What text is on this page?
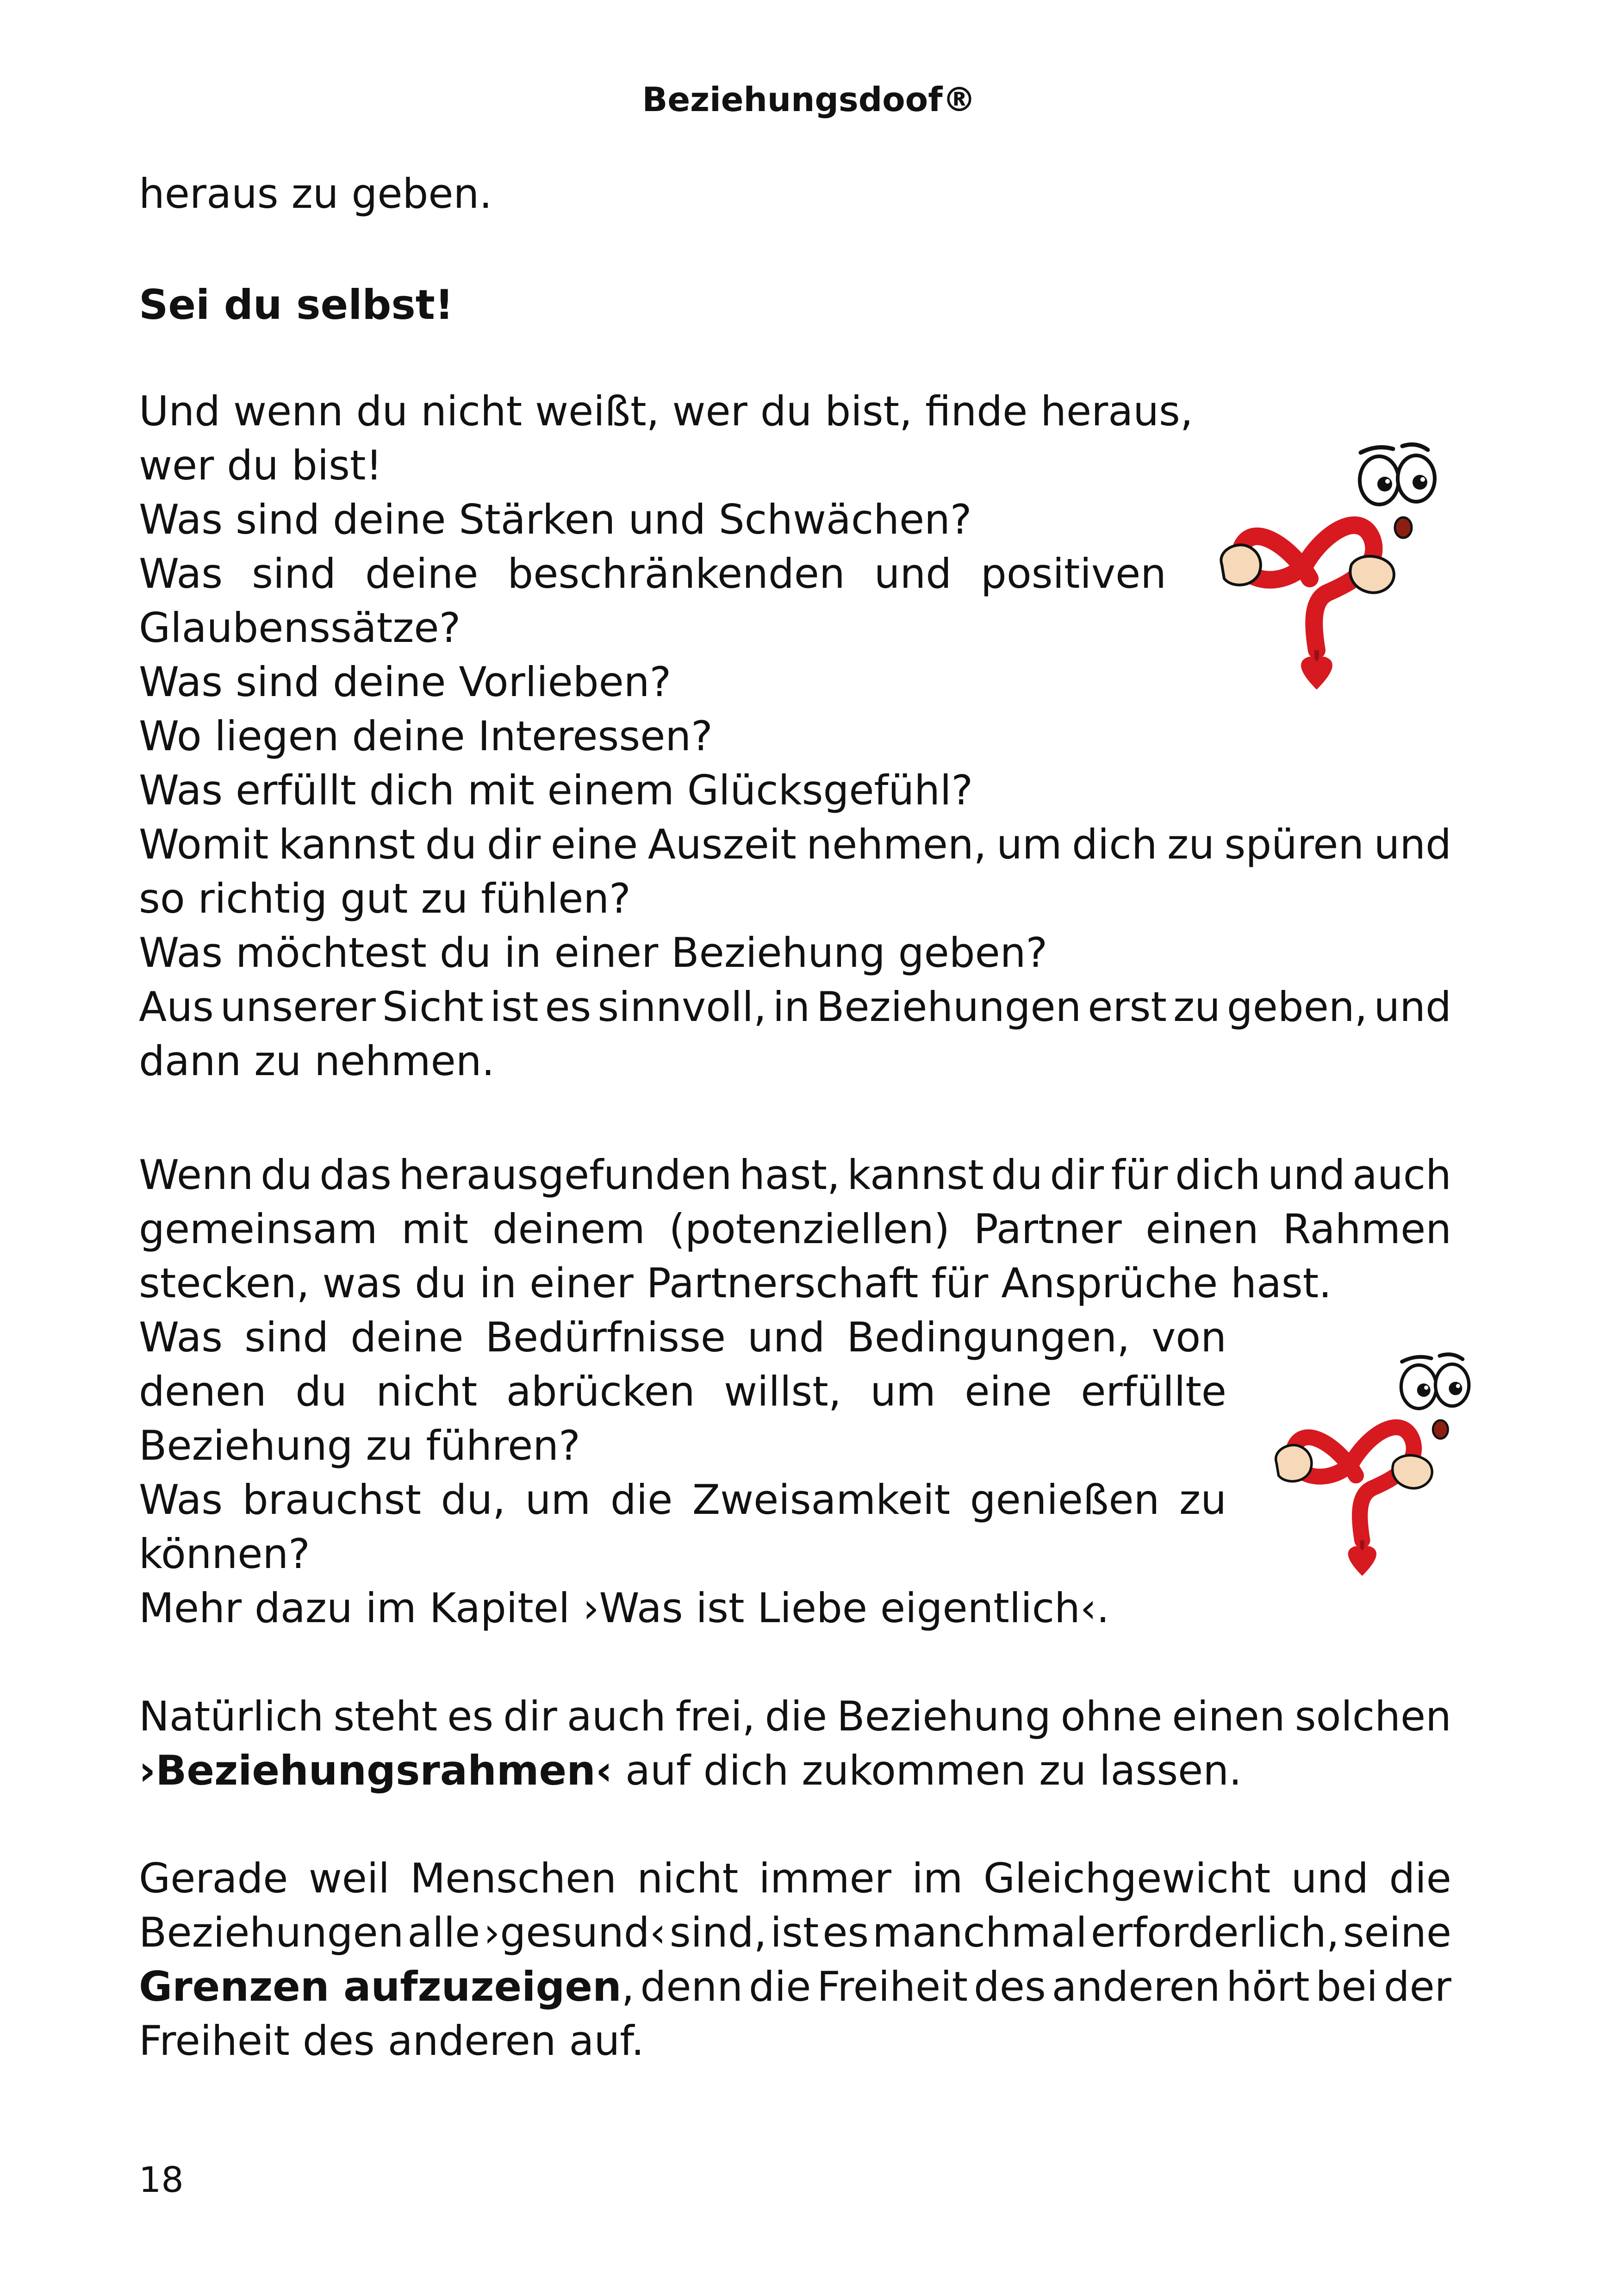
Beziehungsdoof®
heraus zu geben.
Sei du selbst!
Und wenn du nicht weißt, wer du bist, finde heraus,
wer du bist!
Was sind deine Stärken und Schwächen?
Was sind deine beschränkenden und positiven
Glaubenssätze?
Was sind deine Vorlieben?
Wo liegen deine Interessen?
Was erfüllt dich mit einem Glücksgefühl?
Womit kannst du dir eine Auszeit nehmen, um dich zu spüren und
so richtig gut zu fühlen?
Was möchtest du in einer Beziehung geben?
Aus unserer Sicht ist es sinnvoll, in Beziehungen erst zu geben, und
dann zu nehmen.
Wenn du das herausgefunden hast, kannst du dir für dich und auch
gemeinsam mit deinem (potenziellen) Partner einen Rahmen
stecken, was du in einer Partnerschaft für Ansprüche hast.
Was sind deine Bedürfnisse und Bedingungen, von
denen du nicht abrücken willst, um eine erfüllte
Beziehung zu führen?
Was brauchst du, um die Zweisamkeit genießen zu
können?
Mehr dazu im Kapitel ›Was ist Liebe eigentlich‹.
Natürlich steht es dir auch frei, die Beziehung ohne einen solchen
›Beziehungsrahmen‹ auf dich zukommen zu lassen.
Gerade weil Menschen nicht immer im Gleichgewicht und die
Beziehungen alle ›gesund‹ sind, ist es manchmal erforderlich, seine
Grenzen aufzuzeigen, denn die Freiheit des anderen hört bei der
Freiheit des anderen auf.
18
